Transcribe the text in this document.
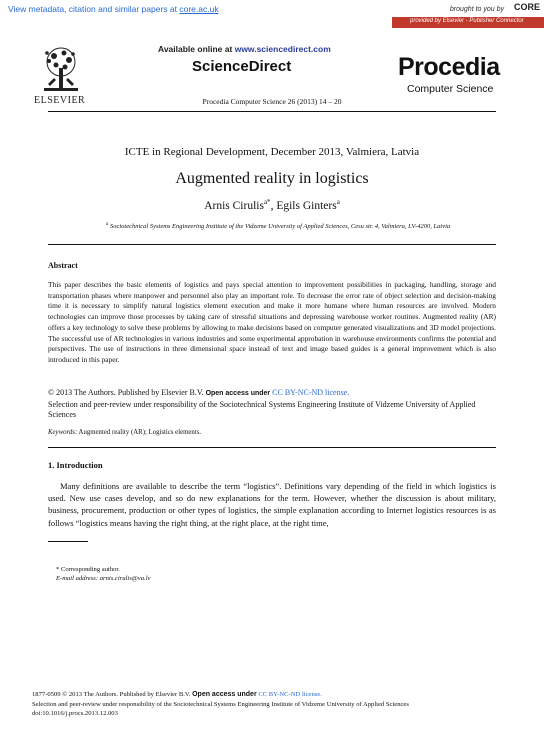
View metadata, citation and similar papers at core.ac.uk	brought to you by CORE
provided by Elsevier - Publisher Connector
ELSEVIER
Available online at www.sciencedirect.com
ScienceDirect	Procedia
Computer Science
Procedia Computer Science 26 (2013) 14 – 20
ICTE in Regional Development, December 2013, Valmiera, Latvia
Augmented reality in logistics
Arnis Cirulis$^{a*}$, Egils Ginters$^a$
$^a$ Sociotechnical Systems Engineering Institute of the Vidzeme University of Applied Sciences, Cesu str. 4, Valmiera, LV-4200, Latvia
Abstract
This paper describes the basic elements of logistics and pays special attention to improvement possibilities in packaging, handling, storage and transportation phases where manpower and personnel also play an important role. To decrease the error rate of object selection and decision-making time it is necessary to simplify natural logistics element execution and make it more humane where human resources are involved. Modern technologies can improve those processes by taking care of stressful situations and depressing warehouse worker routines. Augmented reality (AR) offers a key technology to solve these problems by allowing to make decisions based on computer generated visualizations and 3D model projections. The successful use of AR technologies in various industries and some experimental approbation in warehouse environments confirms the potential and perspectives. The use of instructions in three dimensional space instead of text and image based guides is a general improvement which is also introduced in this paper.
© 2013 The Authors. Published by Elsevier B.V. Open access under CC BY-NC-ND license.
Selection and peer-review under responsibility of the Sociotechnical Systems Engineering Institute of Vidzeme University of Applied Sciences
Keywords: Augmented reality (AR); Logistics elements.
1. Introduction
Many definitions are available to describe the term “logistics”. Definitions vary depending of the field in which logistics is used. New use cases develop, and so do new explanations for the term. However, whether the discussion is about military, business, procurement, production or other types of logistics, the simple explanation according to Internet logistics resources is as follows “logistics means having the right thing, at the right place, at the right time,
* Corresponding author.
E-mail address: arnis.cirulis@va.lv
1877-0509 © 2013 The Authors. Published by Elsevier B.V. Open access under CC BY-NC-ND license.
Selection and peer-review under responsibility of the Sociotechnical Systems Engineering Institute of Vidzeme University of Applied Sciences
doi:10.1016/j.procs.2013.12.003
